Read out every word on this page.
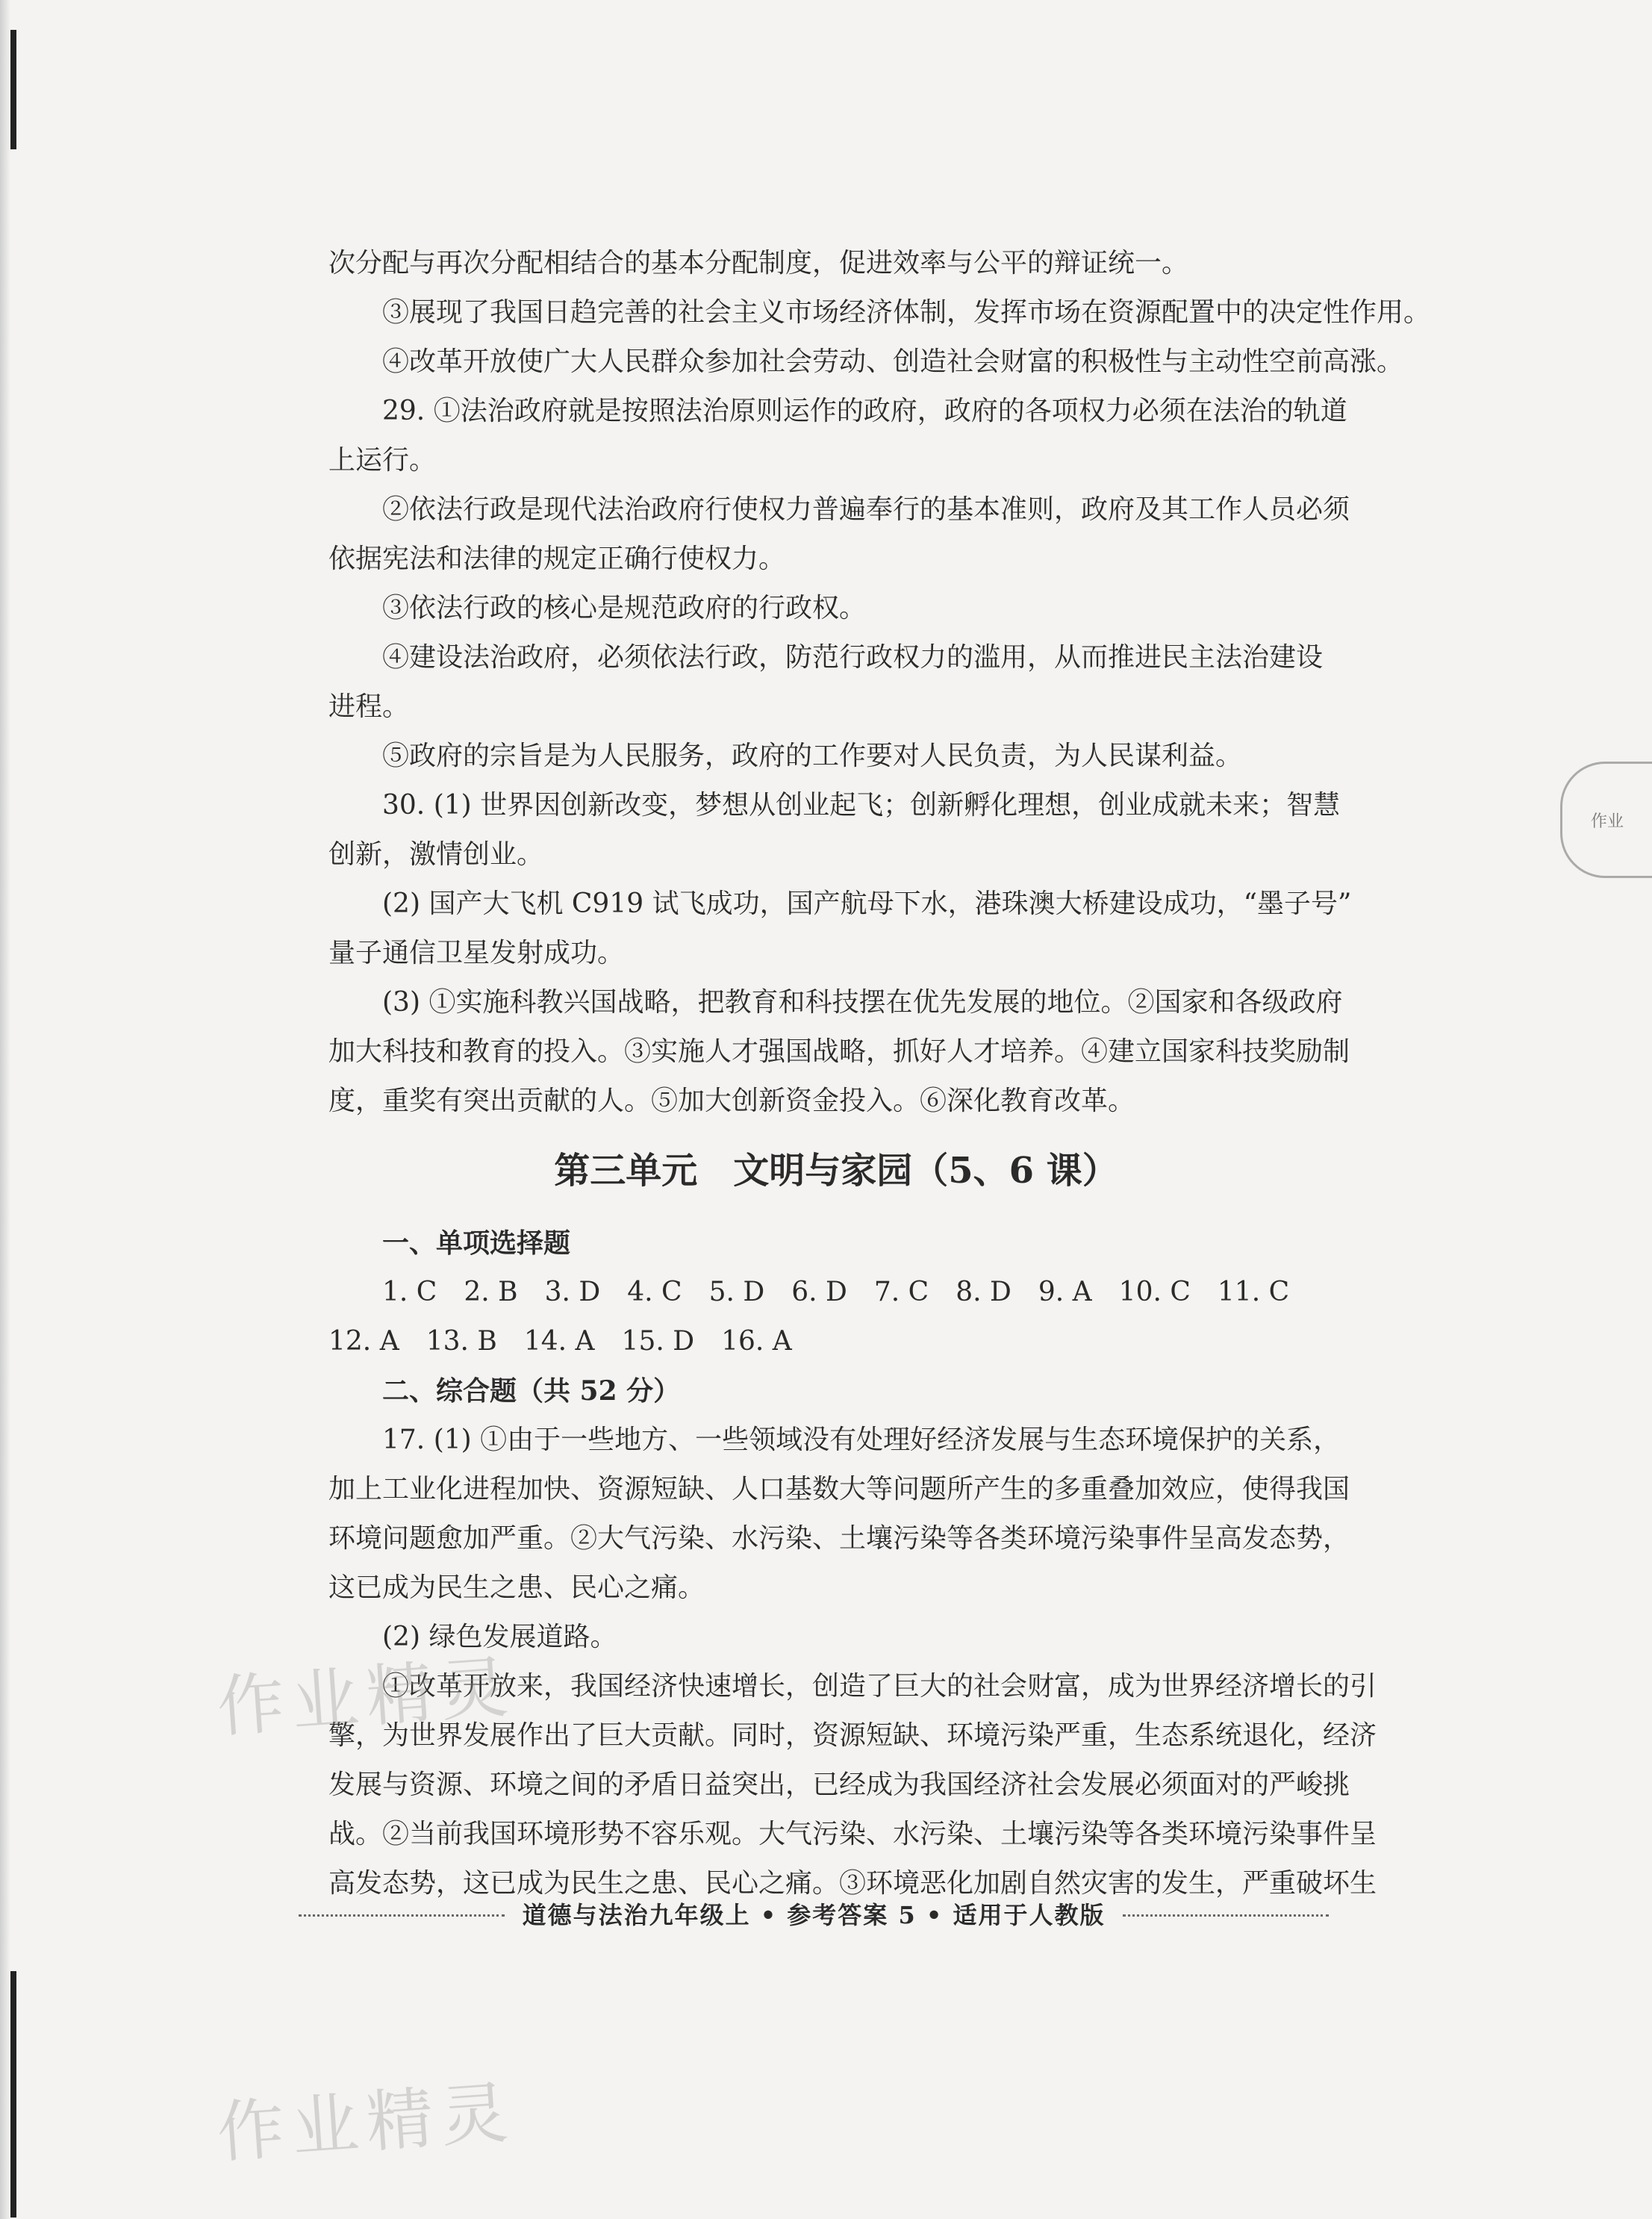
次分配与再次分配相结合的基本分配制度，促进效率与公平的辩证统一。

③展现了我国日趋完善的社会主义市场经济体制，发挥市场在资源配置中的决定性作用。

④改革开放使广大人民群众参加社会劳动、创造社会财富的积极性与主动性空前高涨。

29. ①法治政府就是按照法治原则运作的政府，政府的各项权力必须在法治的轨道

上运行。

②依法行政是现代法治政府行使权力普遍奉行的基本准则，政府及其工作人员必须

依据宪法和法律的规定正确行使权力。

③依法行政的核心是规范政府的行政权。

④建设法治政府，必须依法行政，防范行政权力的滥用，从而推进民主法治建设

进程。

⑤政府的宗旨是为人民服务，政府的工作要对人民负责，为人民谋利益。

30. (1) 世界因创新改变，梦想从创业起飞；创新孵化理想，创业成就未来；智慧

创新，激情创业。

(2) 国产大飞机 C919 试飞成功，国产航母下水，港珠澳大桥建设成功，“墨子号”

量子通信卫星发射成功。

(3) ①实施科教兴国战略，把教育和科技摆在优先发展的地位。②国家和各级政府

加大科技和教育的投入。③实施人才强国战略，抓好人才培养。④建立国家科技奖励制

度，重奖有突出贡献的人。⑤加大创新资金投入。⑥深化教育改革。

第三单元　文明与家园（5、6 课）

一、单项选择题

1. C　2. B　3. D　4. C　5. D　6. D　7. C　8. D　9. A　10. C　11. C

12. A　13. B　14. A　15. D　16. A

二、综合题（共 52 分）

17. (1) ①由于一些地方、一些领域没有处理好经济发展与生态环境保护的关系，

加上工业化进程加快、资源短缺、人口基数大等问题所产生的多重叠加效应，使得我国

环境问题愈加严重。②大气污染、水污染、土壤污染等各类环境污染事件呈高发态势，

这已成为民生之患、民心之痛。

(2) 绿色发展道路。

①改革开放来，我国经济快速增长，创造了巨大的社会财富，成为世界经济增长的引

擎，为世界发展作出了巨大贡献。同时，资源短缺、环境污染严重，生态系统退化，经济

发展与资源、环境之间的矛盾日益突出，已经成为我国经济社会发展必须面对的严峻挑

战。②当前我国环境形势不容乐观。大气污染、水污染、土壤污染等各类环境污染事件呈

高发态势，这已成为民生之患、民心之痛。③环境恶化加剧自然灾害的发生，严重破坏生

作业精灵
作业精灵
作业
道德与法治九年级上 • 参考答案 5 • 适用于人教版
